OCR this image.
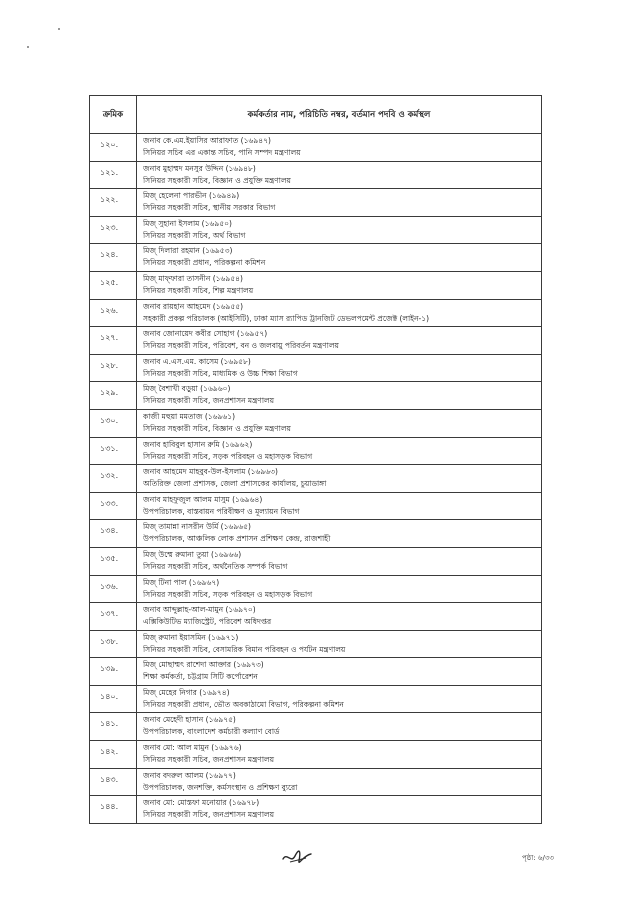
ক্রমিক	কর্মকর্তার নাম, পরিচিতি নম্বর, বর্তমান পদবি ও কর্মস্থল
১২০.	জনাব কে.এম.ইয়াসির আরাফাত (১৬৯৪৭)
সিনিয়র সচিব এর একান্ত সচিব, পানি সম্পদ মন্ত্রণালয়

১২১.	জনাব মুহাম্মদ মনসুর উদ্দিন (১৬৯৪৮)
সিনিয়র সহকারী সচিব, বিজ্ঞান ও প্রযুক্তি মন্ত্রণালয়

১২২.	মিজ্ হেলেনা পারভীন (১৬৯৪৯)
সিনিয়র সহকারী সচিব, স্থানীয় সরকার বিভাগ

১২৩.	মিজ্ সুহানা ইসলাম (১৬৯৫০)
সিনিয়র সহকারী সচিব, অর্থ বিভাগ

১২৪.	মিজ্ দিলারা রহমান (১৬৯৫৩)
সিনিয়র সহকারী প্রধান, পরিকল্পনা কমিশন

১২৫.	মিজ্ মাফ্ফারা তাসনীন (১৬৯৫৪)
সিনিয়র সহকারী সচিব, শিল্প মন্ত্রণালয়

১২৬.	জনাব রায়হান আহমেদ (১৬৯৫৫)
সহকারী প্রকল্প পরিচালক (আইসিটি), ঢাকা ম্যাস র‍্যাপিড ট্রানজিট ডেভলপমেন্ট প্রজেক্ট (লাইন-১)

১২৭.	জনাব জোনায়েদ কবীর সোহাগ (১৬৯৫৭)
সিনিয়র সহকারী সচিব, পরিবেশ, বন ও জলবায়ু পরিবর্তন মন্ত্রণালয়

১২৮.	জনাব এ.এস.এম. কাসেম (১৬৯৫৮)
সিনিয়র সহকারী সচিব, মাধ্যমিক ও উচ্চ শিক্ষা বিভাগ

১২৯.	মিজ্ বৈশাখী বড়ুয়া (১৬৯৬০)
সিনিয়র সহকারী সচিব, জনপ্রশাসন মন্ত্রণালয়

১৩০.	কাজী মহুয়া মমতাজ (১৬৯৬১)
সিনিয়র সহকারী সচিব, বিজ্ঞান ও প্রযুক্তি মন্ত্রণালয়

১৩১.	জনাব হাবিবুল হাসান রুমি (১৬৯৬২)
সিনিয়র সহকারী সচিব, সড়ক পরিবহন ও মহাসড়ক বিভাগ

১৩২.	জনাব আহমেদ মাহবুব-উল-ইসলাম (১৬৯৬৩)
অতিরিক্ত জেলা প্রশাসক, জেলা প্রশাসকের কার্যালয়, চুয়াডাঙ্গা

১৩৩.	জনাব মাহফুজুল আলম মাসুম (১৬৯৬৪)
উপপরিচালক, বাস্তবায়ন পরিবীক্ষণ ও মূল্যায়ন বিভাগ

১৩৪.	মিজ্ তামান্না নাসরীন উর্মি (১৬৯৬৫)
উপপরিচালক, আঞ্চলিক লোক প্রশাসন প্রশিক্ষণ কেন্দ্র, রাজশাহী

১৩৫.	মিজ্ উম্মে রুমানা তুয়া (১৬৯৬৬)
সিনিয়র সহকারী সচিব, অর্থনৈতিক সম্পর্ক বিভাগ

১৩৬.	মিজ্ টিনা পাল (১৬৯৬৭)
সিনিয়র সহকারী সচিব, সড়ক পরিবহন ও মহাসড়ক বিভাগ

১৩৭.	জনাব আব্দুল্লাহ-আল-মামুন (১৬৯৭০)
এক্সিকিউটিভ ম্যাজিস্ট্রেট, পরিবেশ অধিদপ্তর

১৩৮.	মিজ্ রুমানা ইয়াসমিন (১৬৯৭১)
সিনিয়র সহকারী সচিব, বেসামরিক বিমান পরিবহন ও পর্যটন মন্ত্রণালয়

১৩৯.	মিজ্ মোছাম্মৎ রাশেদা আক্তার (১৬৯৭৩)
শিক্ষা কর্মকর্তা, চট্টগ্রাম সিটি কর্পোরেশন

১৪০.	মিজ্ মেহের নিগার (১৬৯৭৪)
সিনিয়র সহকারী প্রধান, ভৌত অবকাঠামো বিভাগ, পরিকল্পনা কমিশন

১৪১.	জনাব মেহেদী হাসান (১৬৯৭৫)
উপপরিচালক, বাংলাদেশ কর্মচারী কল্যাণ বোর্ড

১৪২.	জনাব মো: আল মামুন (১৬৯৭৬)
সিনিয়র সহকারী সচিব, জনপ্রশাসন মন্ত্রণালয়

১৪৩.	জনাব বদরুল আলম (১৬৯৭৭)
উপপরিচালক, জনশক্তি, কর্মসংস্থান ও প্রশিক্ষণ ব্যুরো

১৪৪.	জনাব মো: মোস্তফা মনোয়ার (১৬৯৭৮)
সিনিয়র সহকারী সচিব, জনপ্রশাসন মন্ত্রণালয়
পৃষ্ঠা: ৬/৩৩
